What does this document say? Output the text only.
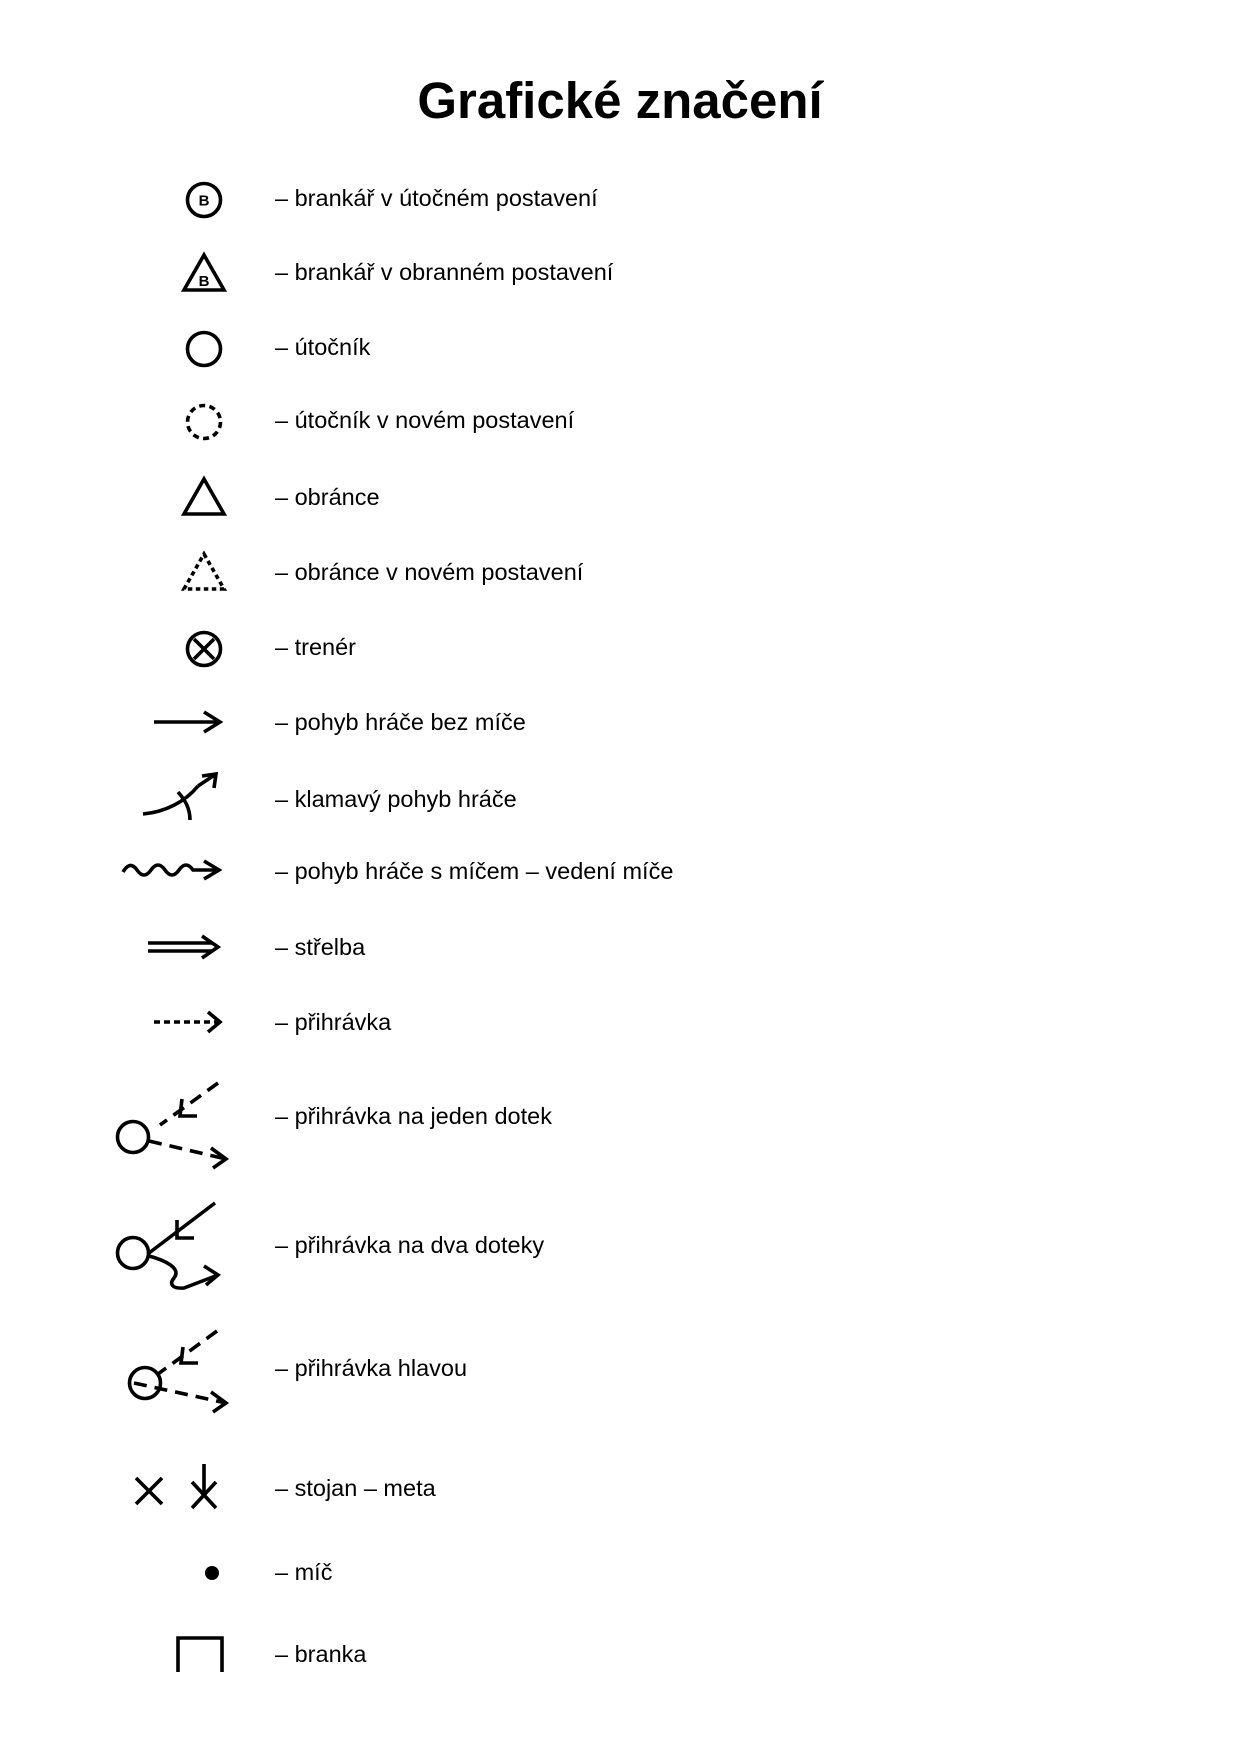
Grafické značení
B	– brankář v útočném postavení
B	– brankář v obranném postavení
– útočník
– útočník v novém postavení
– obránce
– obránce v novém postavení
– trenér
– pohyb hráče bez míče
– klamavý pohyb hráče
– pohyb hráče s míčem – vedení míče
– střelba
– přihrávka
– přihrávka na jeden dotek
– přihrávka na dva doteky
– přihrávka hlavou
– stojan – meta
– míč
– branka
